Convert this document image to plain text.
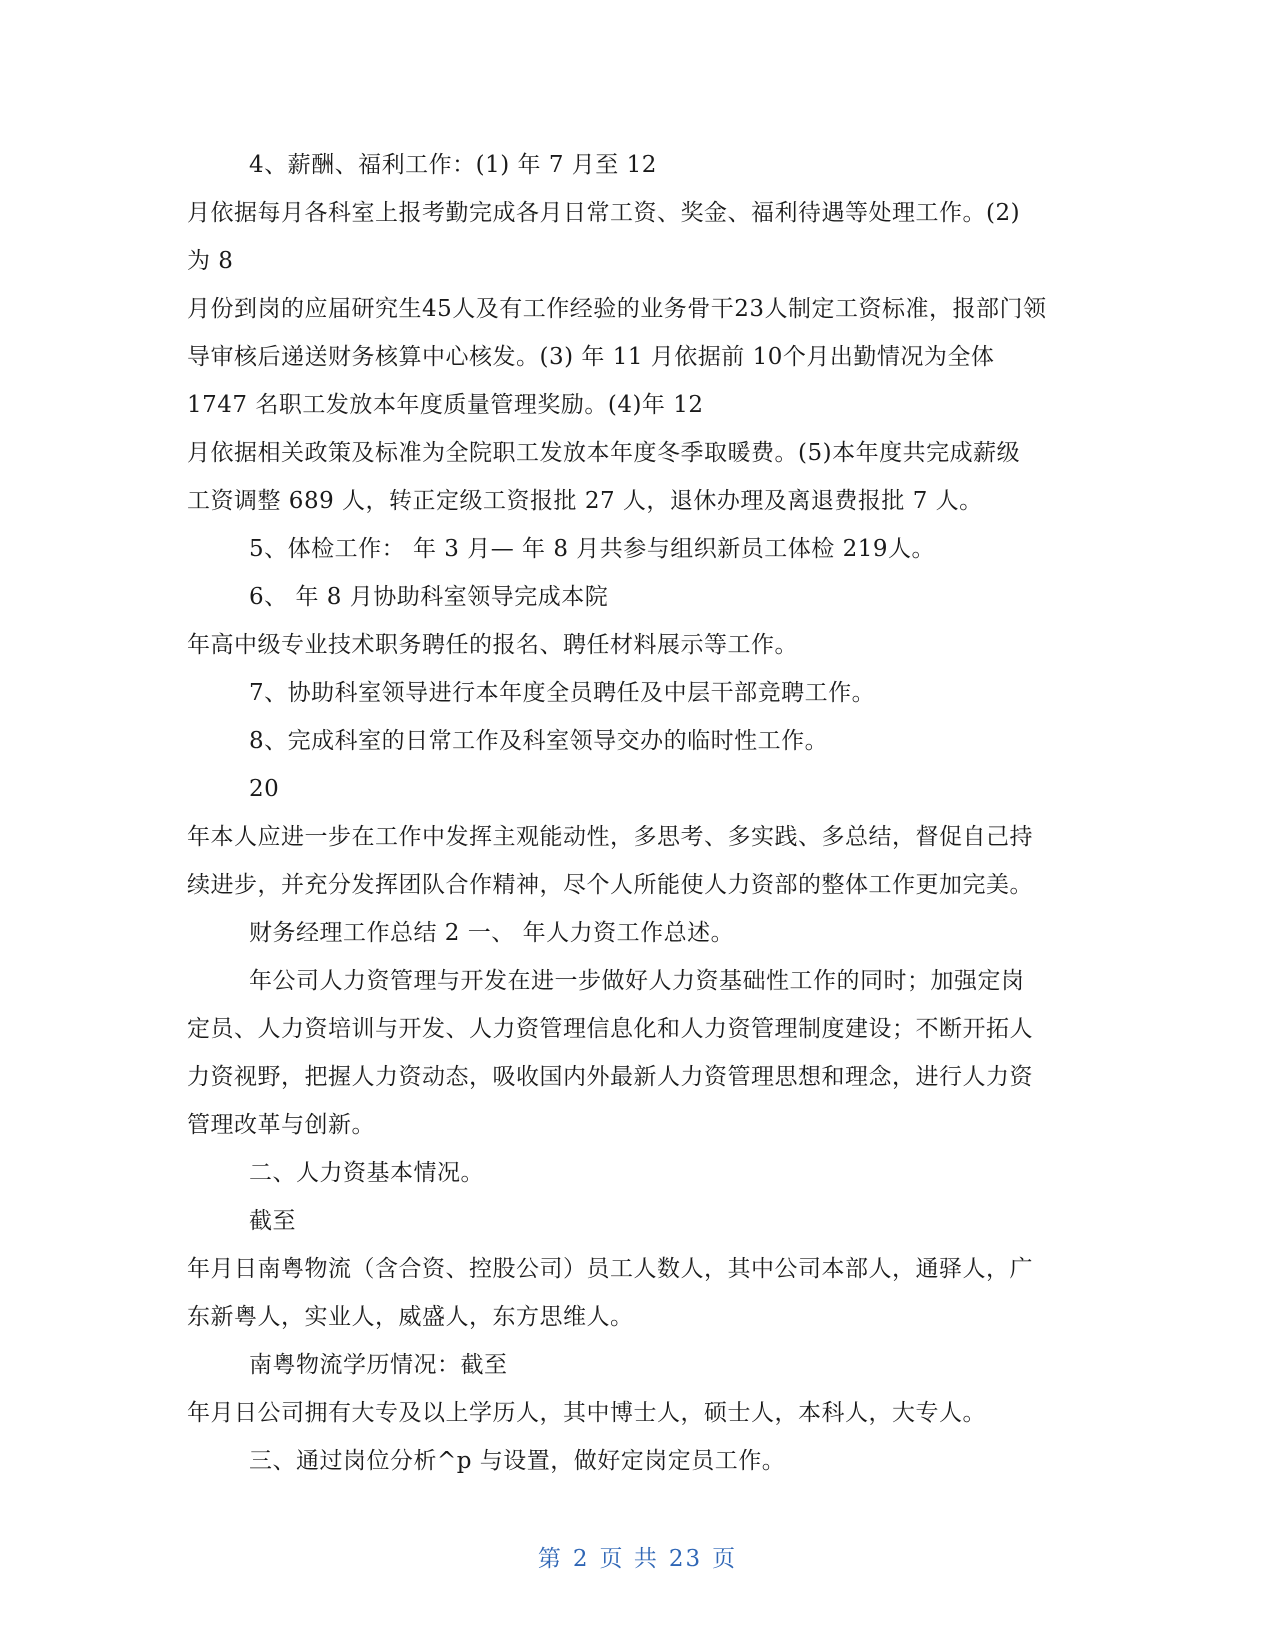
4、薪酬、福利工作：(1) 年 7 月至 12
月依据每月各科室上报考勤完成各月日常工资、奖金、福利待遇等处理工作。(2)
为 8
月份到岗的应届研究生45人及有工作经验的业务骨干23人制定工资标准，报部门领
导审核后递送财务核算中心核发。(3) 年 11 月依据前 10个月出勤情况为全体
1747 名职工发放本年度质量管理奖励。(4)年 12
月依据相关政策及标准为全院职工发放本年度冬季取暖费。(5)本年度共完成薪级
工资调整 689 人，转正定级工资报批 27 人，退休办理及离退费报批 7 人。
5、体检工作： 年 3 月— 年 8 月共参与组织新员工体检 219人。
6、 年 8 月协助科室领导完成本院
年高中级专业技术职务聘任的报名、聘任材料展示等工作。
7、协助科室领导进行本年度全员聘任及中层干部竞聘工作。
8、完成科室的日常工作及科室领导交办的临时性工作。
20
年本人应进一步在工作中发挥主观能动性，多思考、多实践、多总结，督促自己持
续进步，并充分发挥团队合作精神，尽个人所能使人力资部的整体工作更加完美。
财务经理工作总结 2 一、 年人力资工作总述。
年公司人力资管理与开发在进一步做好人力资基础性工作的同时；加强定岗
定员、人力资培训与开发、人力资管理信息化和人力资管理制度建设；不断开拓人
力资视野，把握人力资动态，吸收国内外最新人力资管理思想和理念，进行人力资
管理改革与创新。
二、人力资基本情况。
截至
年月日南粤物流（含合资、控股公司）员工人数人，其中公司本部人，通驿人，广
东新粤人，实业人，威盛人，东方思维人。
南粤物流学历情况：截至
年月日公司拥有大专及以上学历人，其中博士人，硕士人，本科人，大专人。
三、通过岗位分析^p 与设置，做好定岗定员工作。
第 2 页 共 23 页
